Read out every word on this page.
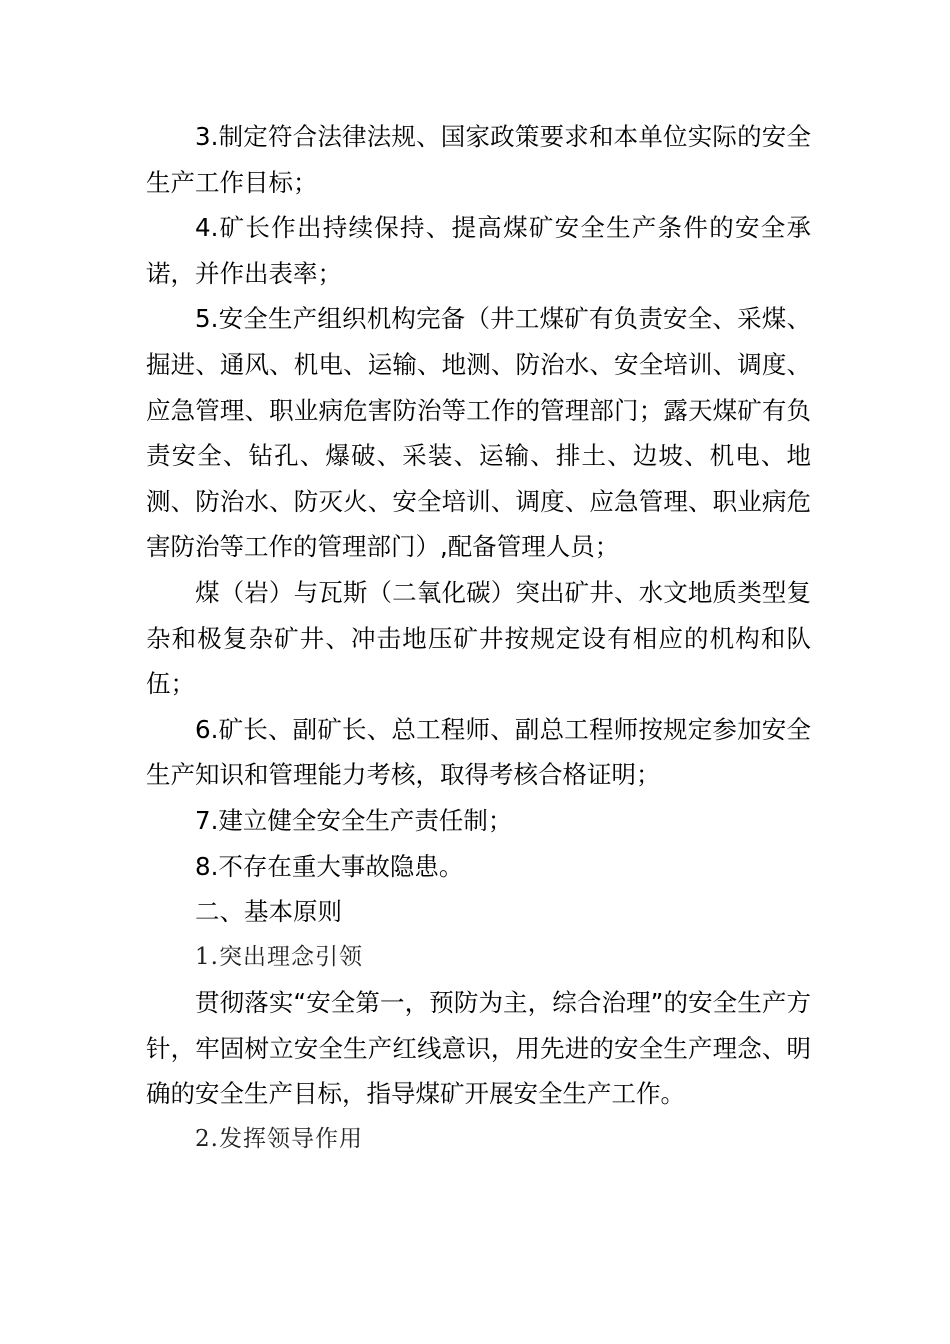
3.制定符合法律法规、国家政策要求和本单位实际的安全生产工作目标；

4.矿长作出持续保持、提高煤矿安全生产条件的安全承诺，并作出表率；

5.安全生产组织机构完备（井工煤矿有负责安全、采煤、掘进、通风、机电、运输、地测、防治水、安全培训、调度、应急管理、职业病危害防治等工作的管理部门；露天煤矿有负责安全、钻孔、爆破、采装、运输、排土、边坡、机电、地测、防治水、防灭火、安全培训、调度、应急管理、职业病危害防治等工作的管理部门）,配备管理人员；

煤（岩）与瓦斯（二氧化碳）突出矿井、水文地质类型复杂和极复杂矿井、冲击地压矿井按规定设有相应的机构和队伍；

6.矿长、副矿长、总工程师、副总工程师按规定参加安全生产知识和管理能力考核，取得考核合格证明；

7.建立健全安全生产责任制；

8.不存在重大事故隐患。

二、基本原则

1.突出理念引领

贯彻落实“安全第一，预防为主，综合治理”的安全生产方针，牢固树立安全生产红线意识，用先进的安全生产理念、明确的安全生产目标，指导煤矿开展安全生产工作。

2.发挥领导作用
